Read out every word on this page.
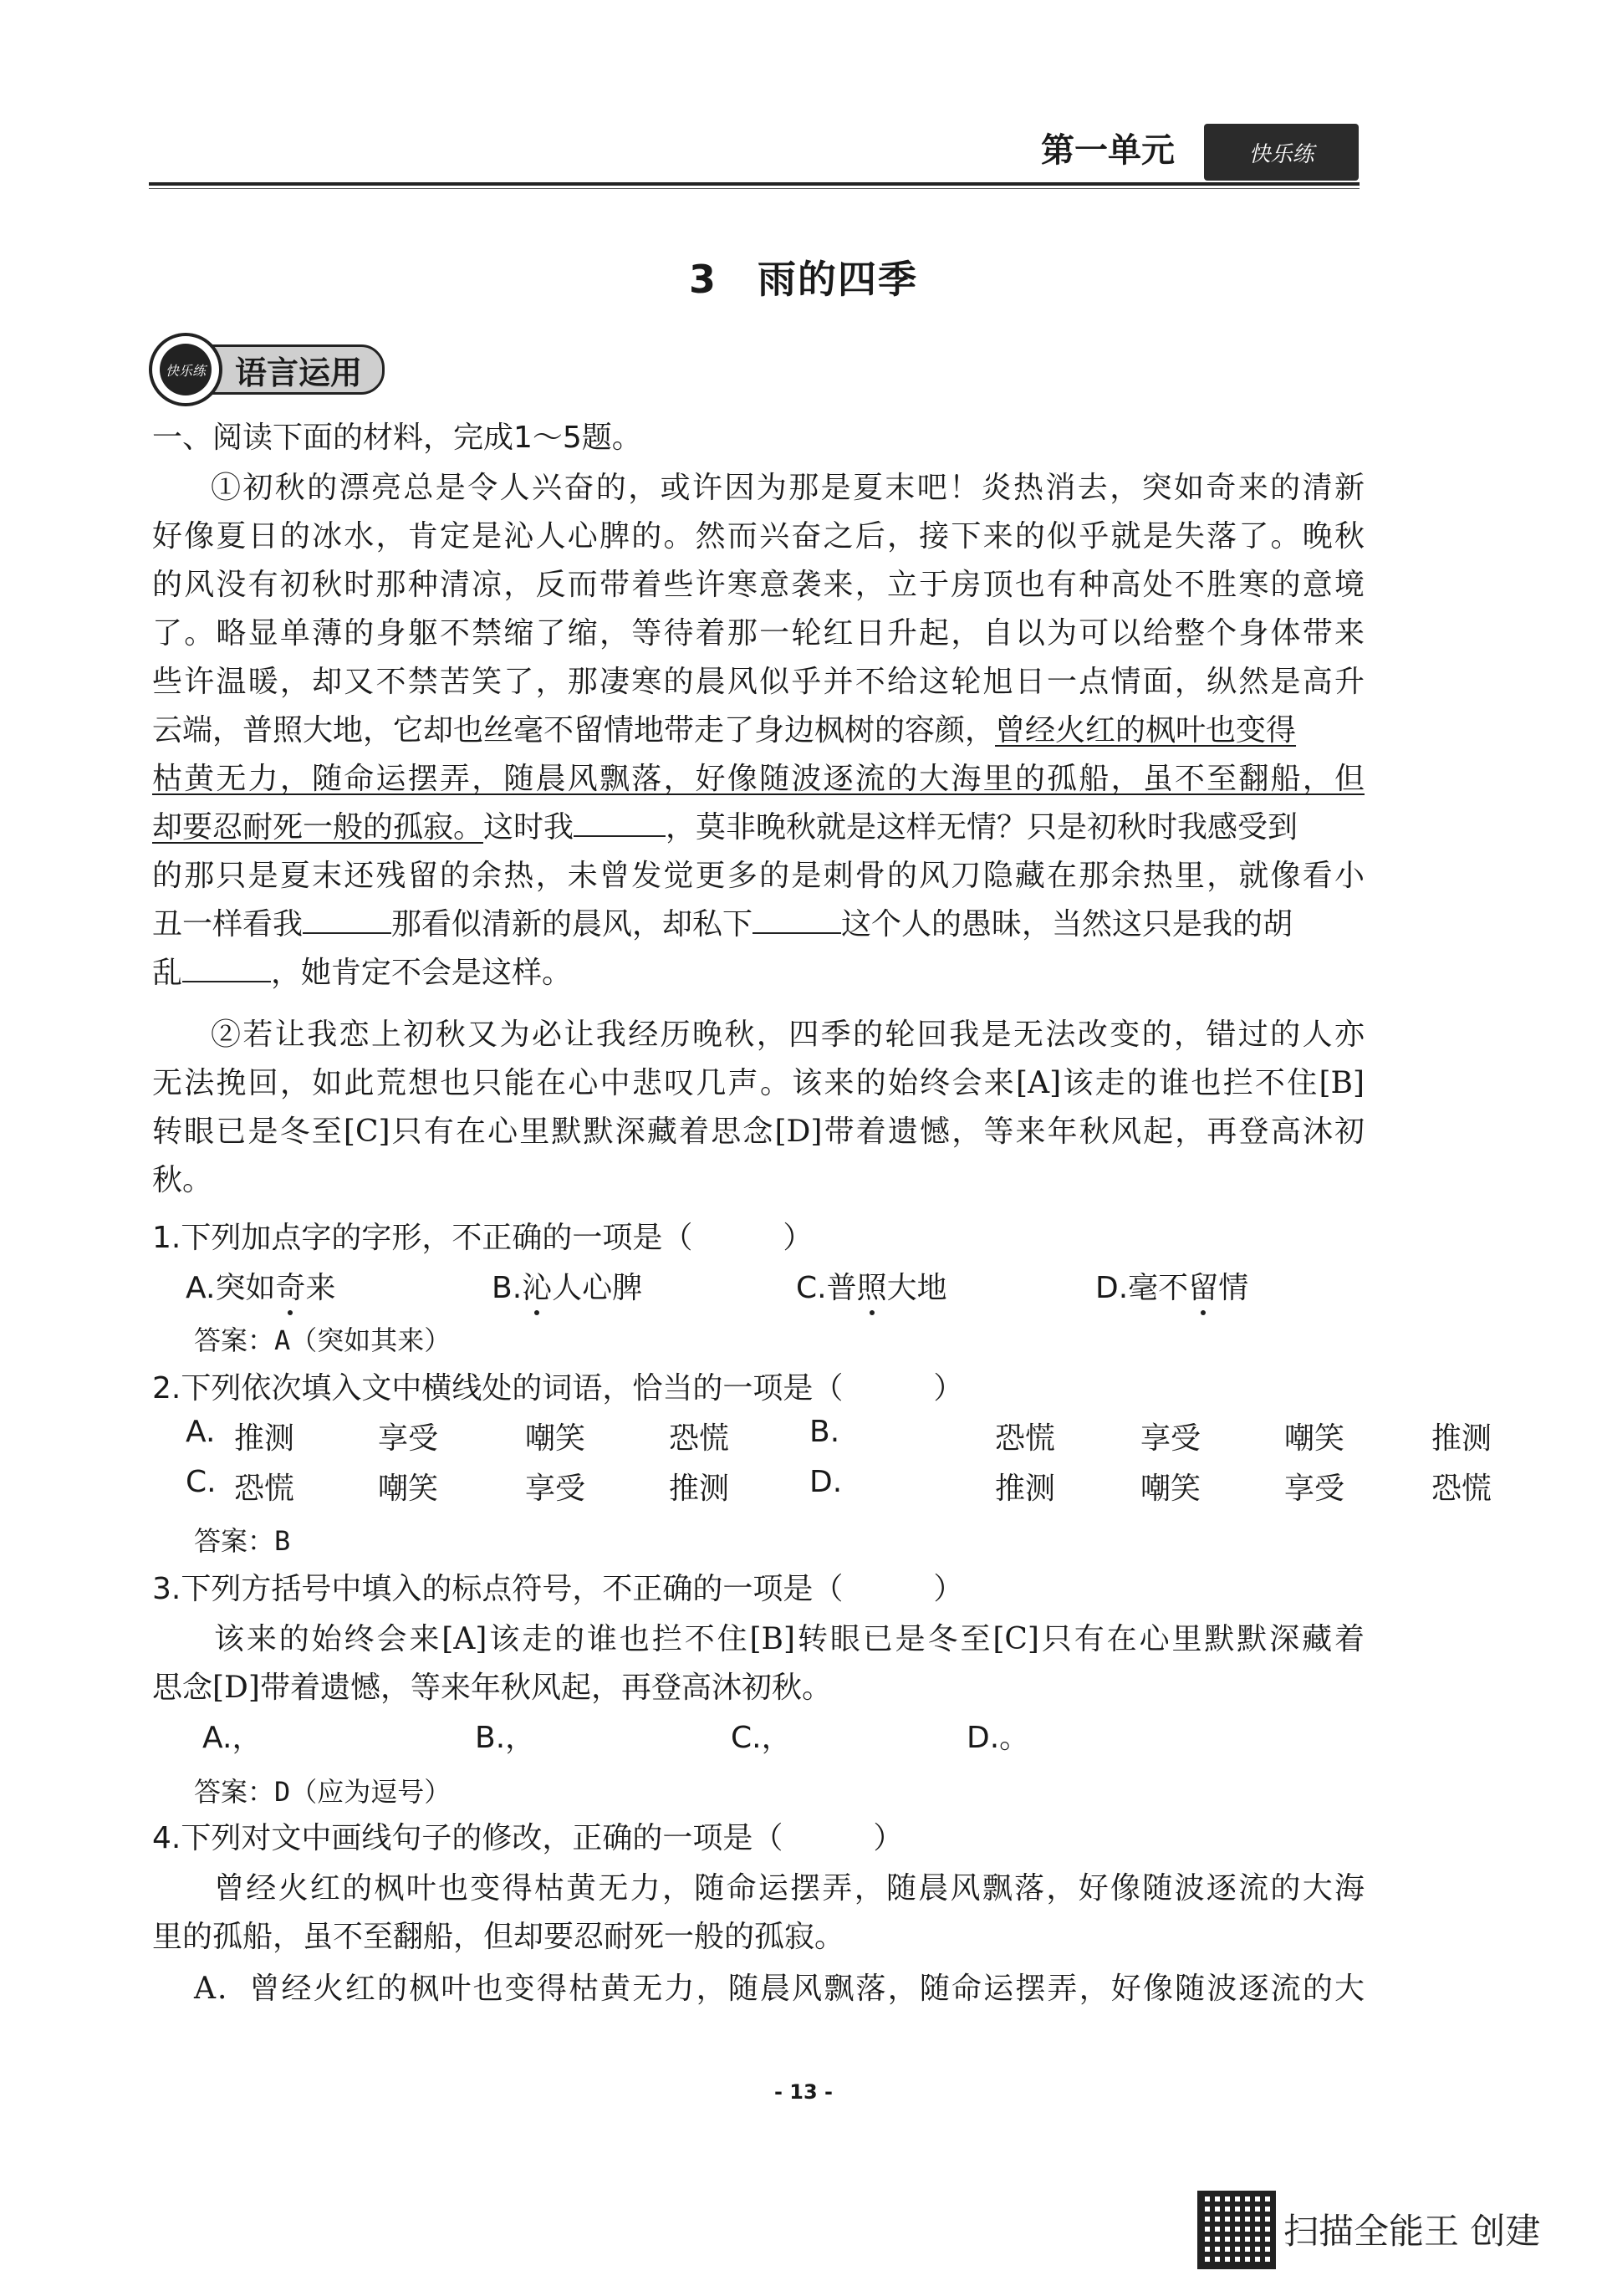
第一单元	快乐练
3　雨的四季
快乐练 语言运用
一、阅读下面的材料，完成1～5题。
①初秋的漂亮总是令人兴奋的，或许因为那是夏末吧！炎热消去，突如奇来的清新
好像夏日的冰水，肯定是沁人心脾的。然而兴奋之后，接下来的似乎就是失落了。晚秋
的风没有初秋时那种清凉，反而带着些许寒意袭来，立于房顶也有种高处不胜寒的意境
了。略显单薄的身躯不禁缩了缩，等待着那一轮红日升起，自以为可以给整个身体带来
些许温暖，却又不禁苦笑了，那凄寒的晨风似乎并不给这轮旭日一点情面，纵然是高升
云端，普照大地，它却也丝毫不留情地带走了身边枫树的容颜，曾经火红的枫叶也变得
枯黄无力，随命运摆弄，随晨风飘落，好像随波逐流的大海里的孤船，虽不至翻船，但
却要忍耐死一般的孤寂。这时我	，莫非晚秋就是这样无情？只是初秋时我感受到
的那只是夏末还残留的余热，未曾发觉更多的是刺骨的风刀隐藏在那余热里，就像看小
丑一样看我	那看似清新的晨风，却私下	这个人的愚昧，当然这只是我的胡
乱	，她肯定不会是这样。
②若让我恋上初秋又为必让我经历晚秋，四季的轮回我是无法改变的，错过的人亦
无法挽回，如此荒想也只能在心中悲叹几声。该来的始终会来[A]该走的谁也拦不住[B]
转眼已是冬至[C]只有在心里默默深藏着思念[D]带着遗憾，等来年秋风起，再登高沐初
秋。
1.下列加点字的字形，不正确的一项是（　　　）
A.突如奇来	B.沁人心脾	C.普照大地	D.毫不留情
答案：A（突如其来）
2.下列依次填入文中横线处的词语，恰当的一项是（　　　）
A. 推测	享受	嘲笑	恐慌	B.	恐慌	享受	嘲笑	推测
C. 恐慌	嘲笑	享受	推测	D.	推测	嘲笑	享受	恐慌
答案：B
3.下列方括号中填入的标点符号，不正确的一项是（　　　）
该来的始终会来[A]该走的谁也拦不住[B]转眼已是冬至[C]只有在心里默默深藏着
思念[D]带着遗憾，等来年秋风起，再登高沐初秋。
A.，	B.，	C.，	D.。
答案：D（应为逗号）
4.下列对文中画线句子的修改，正确的一项是（　　　）
曾经火红的枫叶也变得枯黄无力，随命运摆弄，随晨风飘落，好像随波逐流的大海
里的孤船，虽不至翻船，但却要忍耐死一般的孤寂。
A．曾经火红的枫叶也变得枯黄无力，随晨风飘落，随命运摆弄，好像随波逐流的大
- 13 -
扫描全能王 创建
